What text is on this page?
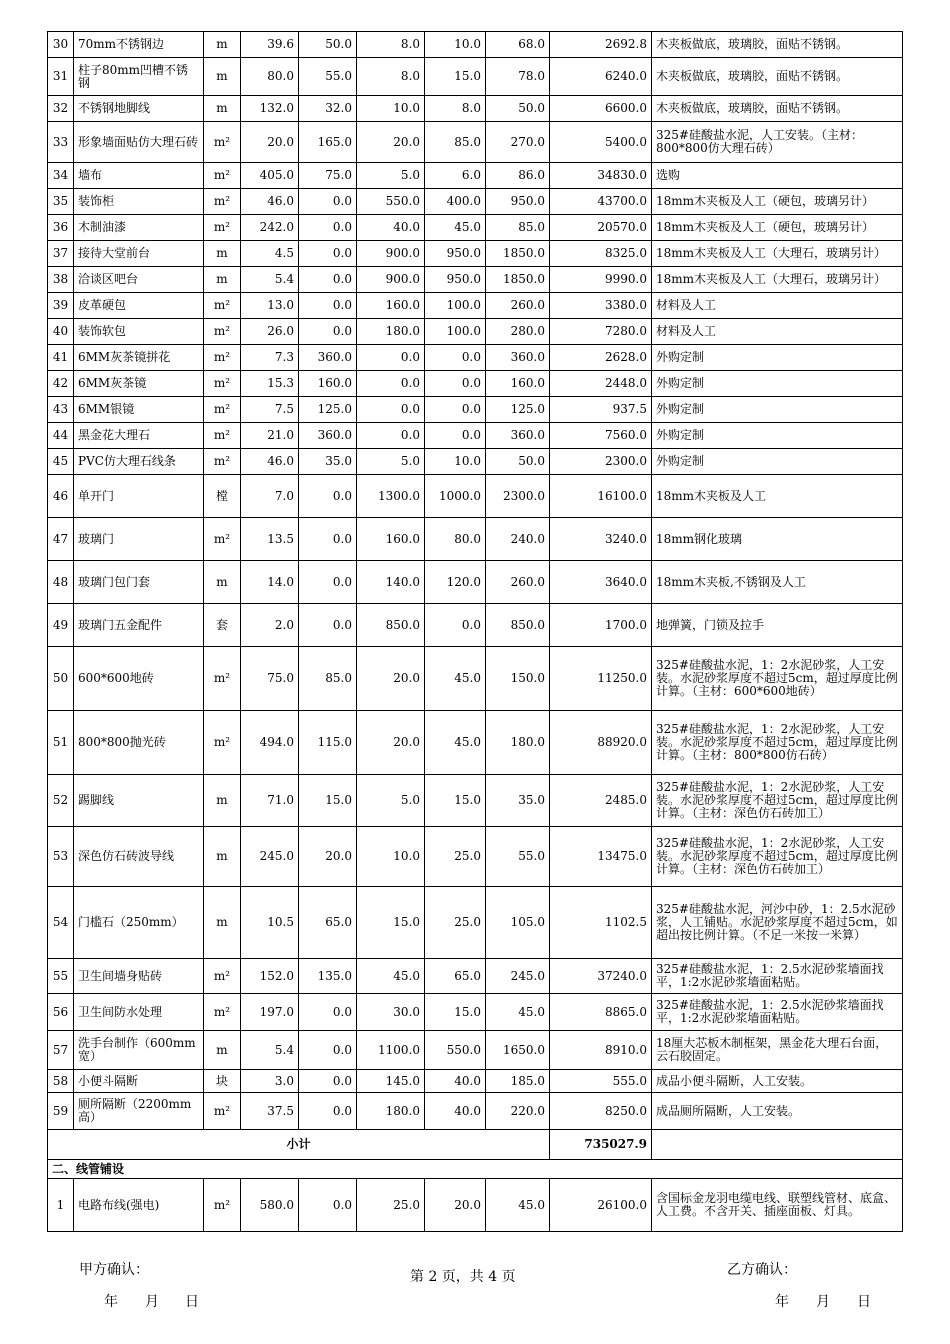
30	70mm不锈钢边	m	39.6	50.0	8.0	10.0	68.0	2692.8	木夹板做底，玻璃胶，面贴不锈钢。
31	柱子80mm凹槽不锈钢	m	80.0	55.0	8.0	15.0	78.0	6240.0	木夹板做底，玻璃胶，面贴不锈钢。
32	不锈钢地脚线	m	132.0	32.0	10.0	8.0	50.0	6600.0	木夹板做底，玻璃胶，面贴不锈钢。
33	形象墙面贴仿大理石砖	m²	20.0	165.0	20.0	85.0	270.0	5400.0	325#硅酸盐水泥，人工安装。（主材：800*800仿大理石砖）
34	墙布	m²	405.0	75.0	5.0	6.0	86.0	34830.0	选购
35	装饰柜	m²	46.0	0.0	550.0	400.0	950.0	43700.0	18mm木夹板及人工（硬包，玻璃另计）
36	木制油漆	m²	242.0	0.0	40.0	45.0	85.0	20570.0	18mm木夹板及人工（硬包，玻璃另计）
37	接待大堂前台	m	4.5	0.0	900.0	950.0	1850.0	8325.0	18mm木夹板及人工（大理石，玻璃另计）
38	洽谈区吧台	m	5.4	0.0	900.0	950.0	1850.0	9990.0	18mm木夹板及人工（大理石，玻璃另计）
39	皮革硬包	m²	13.0	0.0	160.0	100.0	260.0	3380.0	材料及人工
40	装饰软包	m²	26.0	0.0	180.0	100.0	280.0	7280.0	材料及人工
41	6MM灰茶镜拼花	m²	7.3	360.0	0.0	0.0	360.0	2628.0	外购定制
42	6MM灰茶镜	m²	15.3	160.0	0.0	0.0	160.0	2448.0	外购定制
43	6MM银镜	m²	7.5	125.0	0.0	0.0	125.0	937.5	外购定制
44	黑金花大理石	m²	21.0	360.0	0.0	0.0	360.0	7560.0	外购定制
45	PVC仿大理石线条	m²	46.0	35.0	5.0	10.0	50.0	2300.0	外购定制
46	单开门	樘	7.0	0.0	1300.0	1000.0	2300.0	16100.0	18mm木夹板及人工
47	玻璃门	m²	13.5	0.0	160.0	80.0	240.0	3240.0	18mm钢化玻璃
48	玻璃门包门套	m	14.0	0.0	140.0	120.0	260.0	3640.0	18mm木夹板,不锈钢及人工
49	玻璃门五金配件	套	2.0	0.0	850.0	0.0	850.0	1700.0	地弹簧，门锁及拉手
50	600*600地砖	m²	75.0	85.0	20.0	45.0	150.0	11250.0	325#硅酸盐水泥，1：2水泥砂浆，人工安装。水泥砂浆厚度不超过5cm，超过厚度比例计算。（主材：600*600地砖）
51	800*800抛光砖	m²	494.0	115.0	20.0	45.0	180.0	88920.0	325#硅酸盐水泥，1：2水泥砂浆，人工安装。水泥砂浆厚度不超过5cm，超过厚度比例计算。（主材：800*800仿石砖）
52	踢脚线	m	71.0	15.0	5.0	15.0	35.0	2485.0	325#硅酸盐水泥，1：2水泥砂浆，人工安装。水泥砂浆厚度不超过5cm，超过厚度比例计算。（主材：深色仿石砖加工）
53	深色仿石砖波导线	m	245.0	20.0	10.0	25.0	55.0	13475.0	325#硅酸盐水泥，1：2水泥砂浆，人工安装。水泥砂浆厚度不超过5cm，超过厚度比例计算。（主材：深色仿石砖加工）
54	门槛石（250mm）	m	10.5	65.0	15.0	25.0	105.0	1102.5	325#硅酸盐水泥，河沙中砂，1：2.5水泥砂浆，人工铺贴。水泥砂浆厚度不超过5cm，如超出按比例计算。（不足一米按一米算）
55	卫生间墙身贴砖	m²	152.0	135.0	45.0	65.0	245.0	37240.0	325#硅酸盐水泥，1：2.5水泥砂浆墙面找平，1:2水泥砂浆墙面粘贴。
56	卫生间防水处理	m²	197.0	0.0	30.0	15.0	45.0	8865.0	325#硅酸盐水泥，1：2.5水泥砂浆墙面找平，1:2水泥砂浆墙面粘贴。
57	洗手台制作（600mm宽）	m	5.4	0.0	1100.0	550.0	1650.0	8910.0	18厘大芯板木制框架，黑金花大理石台面，云石胶固定。
58	小便斗隔断	块	3.0	0.0	145.0	40.0	185.0	555.0	成品小便斗隔断，人工安装。
59	厕所隔断（2200mm高）	m²	37.5	0.0	180.0	40.0	220.0	8250.0	成品厕所隔断，人工安装。
小计								735027.9	
二、线管铺设									
1	电路布线(强电)	m²	580.0	0.0	25.0	20.0	45.0	26100.0	含国标金龙羽电缆电线、联塑线管材、底盒、人工费。不含开关、插座面板、灯具。
甲方确认：	第 2 页，共 4 页	乙方确认：
年 月 日	年 月 日
